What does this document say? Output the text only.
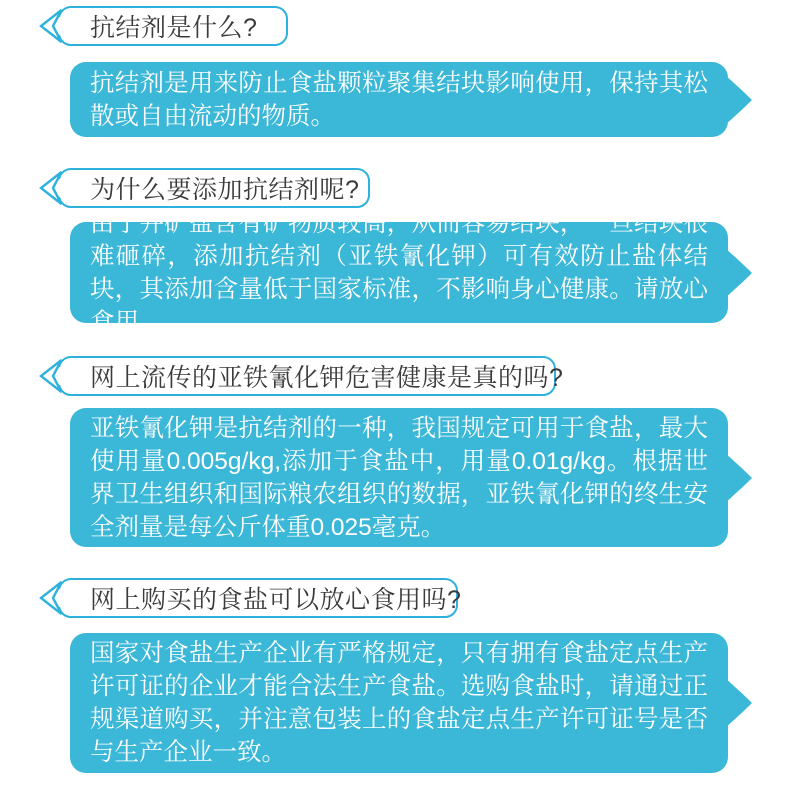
抗结剂是什么?

抗结剂是用来防止食盐颗粒聚集结块影响使用，保持其松散或自由流动的物质。

为什么要添加抗结剂呢?

由于井矿盐含有矿物质较高，从而容易结块，一旦结块很难砸碎，添加抗结剂（亚铁氰化钾）可有效防止盐体结块，其添加含量低于国家标准，不影响身心健康。请放心食用。

网上流传的亚铁氰化钾危害健康是真的吗?

亚铁氰化钾是抗结剂的一种，我国规定可用于食盐，最大使用量0.005g/kg,添加于食盐中，用量0.01g/kg。根据世界卫生组织和国际粮农组织的数据，亚铁氰化钾的终生安全剂量是每公斤体重0.025毫克。

网上购买的食盐可以放心食用吗?

国家对食盐生产企业有严格规定，只有拥有食盐定点生产许可证的企业才能合法生产食盐。选购食盐时，请通过正规渠道购买，并注意包装上的食盐定点生产许可证号是否与生产企业一致。
